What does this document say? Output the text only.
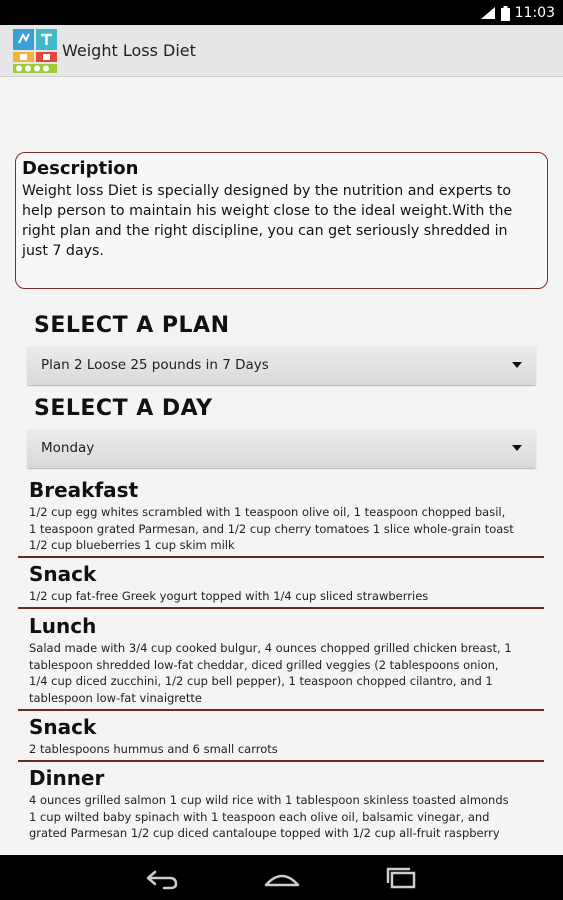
11:03
Weight Loss Diet
Description
Weight loss Diet is specially designed by the nutrition and experts to
help person to maintain his weight close to the ideal weight.With the
right plan and the right discipline, you can get seriously shredded in
just 7 days.
SELECT A PLAN
Plan 2 Loose 25 pounds in 7 Days
SELECT A DAY
Monday
Breakfast
1/2 cup egg whites scrambled with 1 teaspoon olive oil, 1 teaspoon chopped basil,
1 teaspoon grated Parmesan, and 1/2 cup cherry tomatoes 1 slice whole-grain toast
1/2 cup blueberries 1 cup skim milk
Snack
1/2 cup fat-free Greek yogurt topped with 1/4 cup sliced strawberries
Lunch
Salad made with 3/4 cup cooked bulgur, 4 ounces chopped grilled chicken breast, 1
tablespoon shredded low-fat cheddar, diced grilled veggies (2 tablespoons onion,
1/4 cup diced zucchini, 1/2 cup bell pepper), 1 teaspoon chopped cilantro, and 1
tablespoon low-fat vinaigrette
Snack
2 tablespoons hummus and 6 small carrots
Dinner
4 ounces grilled salmon 1 cup wild rice with 1 tablespoon skinless toasted almonds
1 cup wilted baby spinach with 1 teaspoon each olive oil, balsamic vinegar, and
grated Parmesan 1/2 cup diced cantaloupe topped with 1/2 cup all-fruit raspberry
